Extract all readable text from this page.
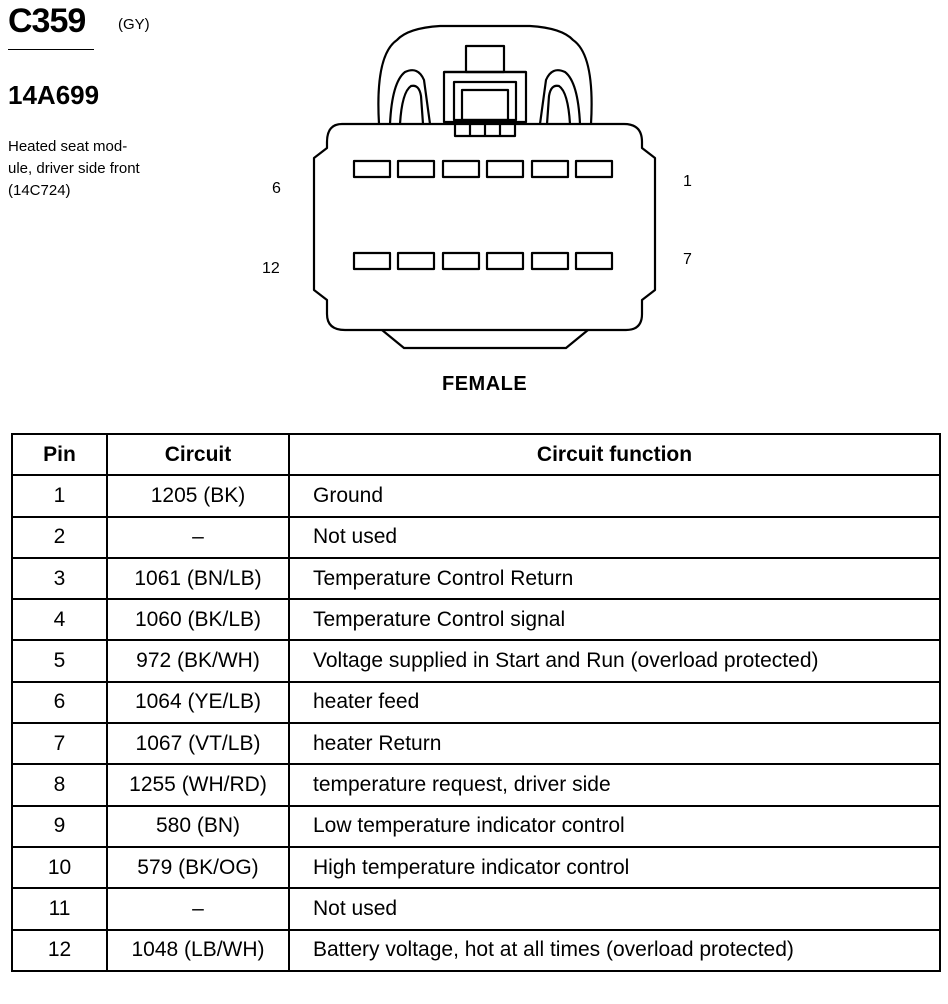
C359 (GY)
14A699
Heated seat mod-
ule, driver side front
(14C724)	6	1
12
7
FEMALE
Pin	Circuit	Circuit function
1	1205 (BK)	Ground
2	–	Not used
3	1061 (BN/LB)	Temperature Control Return
4	1060 (BK/LB)	Temperature Control signal
5	972 (BK/WH)	Voltage supplied in Start and Run (overload protected)
6	1064 (YE/LB)	heater feed
7	1067 (VT/LB)	heater Return
8	1255 (WH/RD)	temperature request, driver side
9	580 (BN)	Low temperature indicator control
10	579 (BK/OG)	High temperature indicator control
11	–	Not used
12	1048 (LB/WH)	Battery voltage, hot at all times (overload protected)
